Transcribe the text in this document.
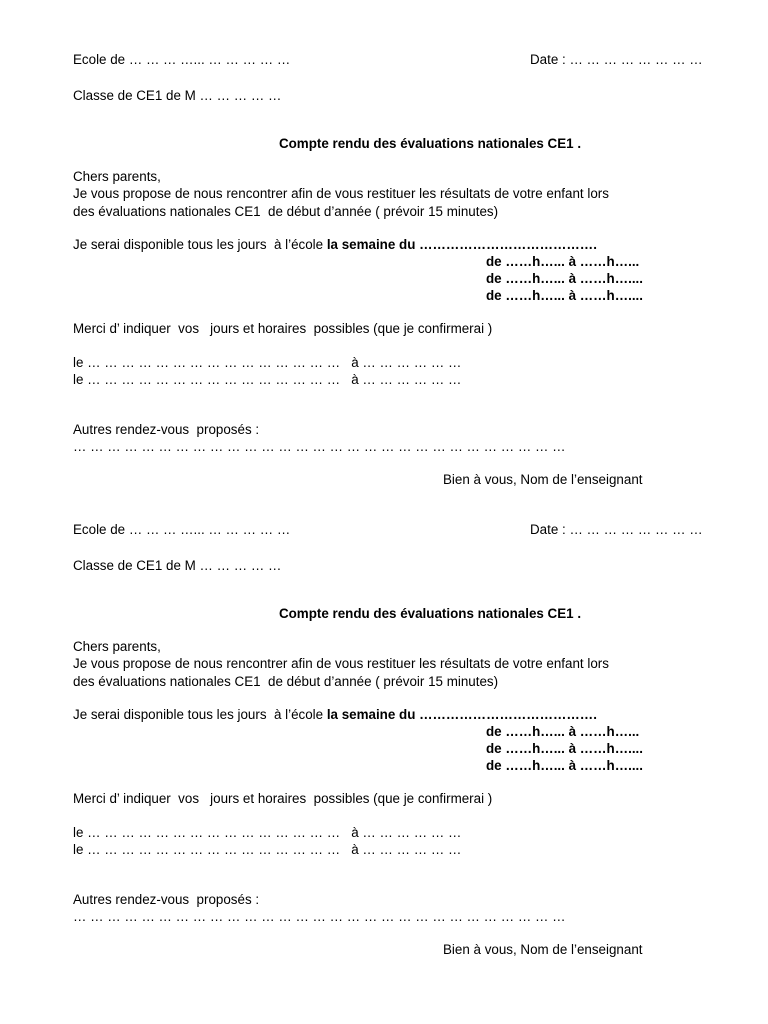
Ecole de … … … …... … … … … …	Date : … … … … … … … …
Classe de CE1 de M … … … … …
Compte rendu des évaluations nationales CE1 .
Chers parents,
Je vous propose de nous rencontrer afin de vous restituer les résultats de votre enfant lors
des évaluations nationales CE1  de début d’année ( prévoir 15 minutes)
Je serai disponible tous les jours  à l’école la semaine du ………………………………….
de ……h…... à ……h…...
de ……h…... à ……h…....
de ……h…... à ……h…....
Merci d’ indiquer  vos   jours et horaires  possibles (que je confirmerai )
le … … … … … … … … … … … … … … …   à … … … … … …
le … … … … … … … … … … … … … … …   à … … … … … …
Autres rendez-vous  proposés :
… … … … … … … … … … … … … … … … … … … … … … … … … … … … …
Bien à vous, Nom de l’enseignant
Ecole de … … … …... … … … … …	Date : … … … … … … … …
Classe de CE1 de M … … … … …
Compte rendu des évaluations nationales CE1 .
Chers parents,
Je vous propose de nous rencontrer afin de vous restituer les résultats de votre enfant lors
des évaluations nationales CE1  de début d’année ( prévoir 15 minutes)
Je serai disponible tous les jours  à l’école la semaine du ………………………………….
de ……h…... à ……h…...
de ……h…... à ……h…....
de ……h…... à ……h…....
Merci d’ indiquer  vos   jours et horaires  possibles (que je confirmerai )
le … … … … … … … … … … … … … … …   à … … … … … …
le … … … … … … … … … … … … … … …   à … … … … … …
Autres rendez-vous  proposés :
… … … … … … … … … … … … … … … … … … … … … … … … … … … … …
Bien à vous, Nom de l’enseignant
